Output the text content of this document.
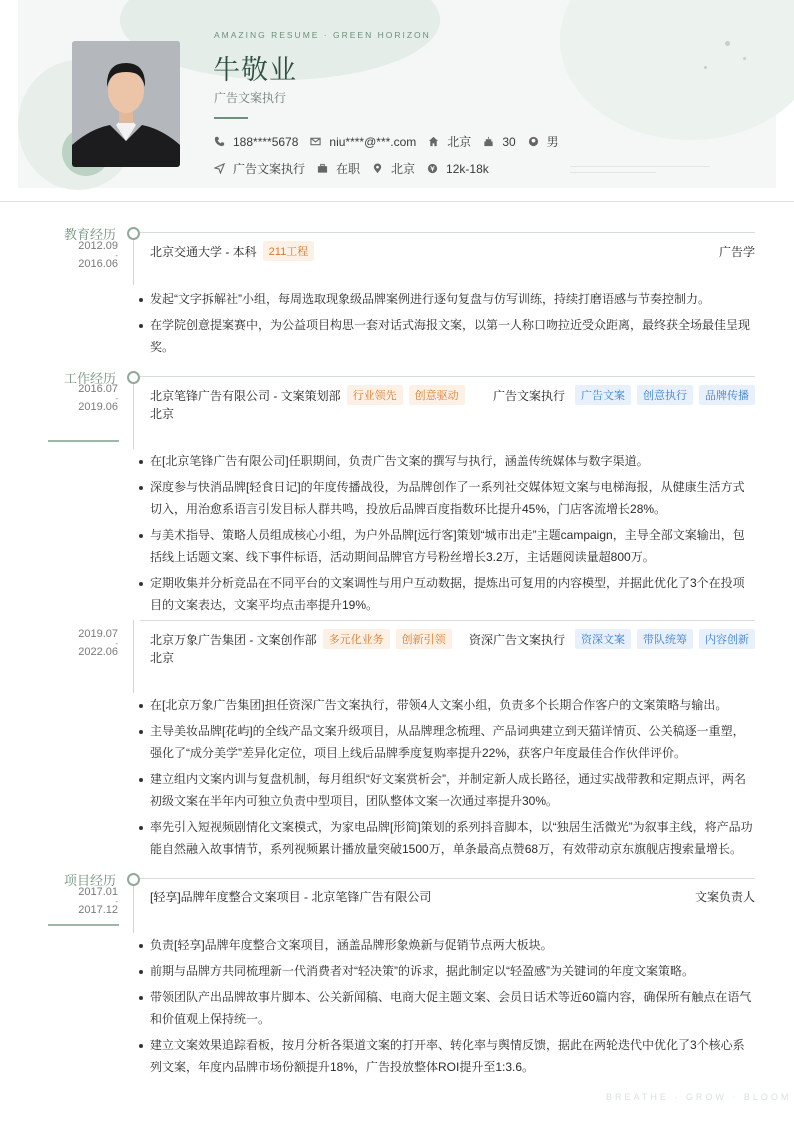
AMAZING RESUME · GREEN HORIZON
牛敬业
广告文案执行
188****5678	niu****@***.com	北京	30	男
广告文案执行	在职	北京	12k-18k
教育经历
2012.09
-
2016.06
北京交通大学 - 本科	211工程	广告学
发起“文字拆解社”小组，每周选取现象级品牌案例进行逐句复盘与仿写训练，持续打磨语感与节奏控制力。
在学院创意提案赛中，为公益项目构思一套对话式海报文案，以第一人称口吻拉近受众距离，最终获全场最佳呈现奖。
工作经历
2016.07
-
2019.06
北京笔锋广告有限公司 - 文案策划部	行业领先	创意驱动	广告文案执行	广告文案	创意执行	品牌传播
北京
在[北京笔锋广告有限公司]任职期间，负责广告文案的撰写与执行，涵盖传统媒体与数字渠道。
深度参与快消品牌[轻食日记]的年度传播战役，为品牌创作了一系列社交媒体短文案与电梯海报，从健康生活方式切入，用治愈系语言引发目标人群共鸣，投放后品牌百度指数环比提升45%，门店客流增长28%。
与美术指导、策略人员组成核心小组，为户外品牌[远行客]策划“城市出走”主题campaign，主导全部文案输出，包括线上话题文案、线下事件标语，活动期间品牌官方号粉丝增长3.2万，主话题阅读量超800万。
定期收集并分析竞品在不同平台的文案调性与用户互动数据，提炼出可复用的内容模型，并据此优化了3个在投项目的文案表达，文案平均点击率提升19%。
2019.07
-
2022.06
北京万象广告集团 - 文案创作部	多元化业务	创新引领	资深广告文案执行	资深文案	带队统筹	内容创新
北京
在[北京万象广告集团]担任资深广告文案执行，带领4人文案小组，负责多个长期合作客户的文案策略与输出。
主导美妆品牌[花屿]的全线产品文案升级项目，从品牌理念梳理、产品词典建立到天猫详情页、公关稿逐一重塑，强化了“成分美学”差异化定位，项目上线后品牌季度复购率提升22%，获客户年度最佳合作伙伴评价。
建立组内文案内训与复盘机制，每月组织“好文案赏析会”，并制定新人成长路径，通过实战带教和定期点评，两名初级文案在半年内可独立负责中型项目，团队整体文案一次通过率提升30%。
率先引入短视频剧情化文案模式，为家电品牌[形简]策划的系列抖音脚本，以“独居生活微光”为叙事主线，将产品功能自然融入故事情节，系列视频累计播放量突破1500万，单条最高点赞68万，有效带动京东旗舰店搜索量增长。
项目经历
2017.01
-
2017.12
[轻享]品牌年度整合文案项目 - 北京笔锋广告有限公司	文案负责人
负责[轻享]品牌年度整合文案项目，涵盖品牌形象焕新与促销节点两大板块。
前期与品牌方共同梳理新一代消费者对“轻决策”的诉求，据此制定以“轻盈感”为关键词的年度文案策略。
带领团队产出品牌故事片脚本、公关新闻稿、电商大促主题文案、会员日话术等近60篇内容，确保所有触点在语气和价值观上保持统一。
建立文案效果追踪看板，按月分析各渠道文案的打开率、转化率与舆情反馈，据此在两轮迭代中优化了3个核心系列文案，年度内品牌市场份额提升18%，广告投放整体ROI提升至1:3.6。
BREATHE · GROW · BLOOM
